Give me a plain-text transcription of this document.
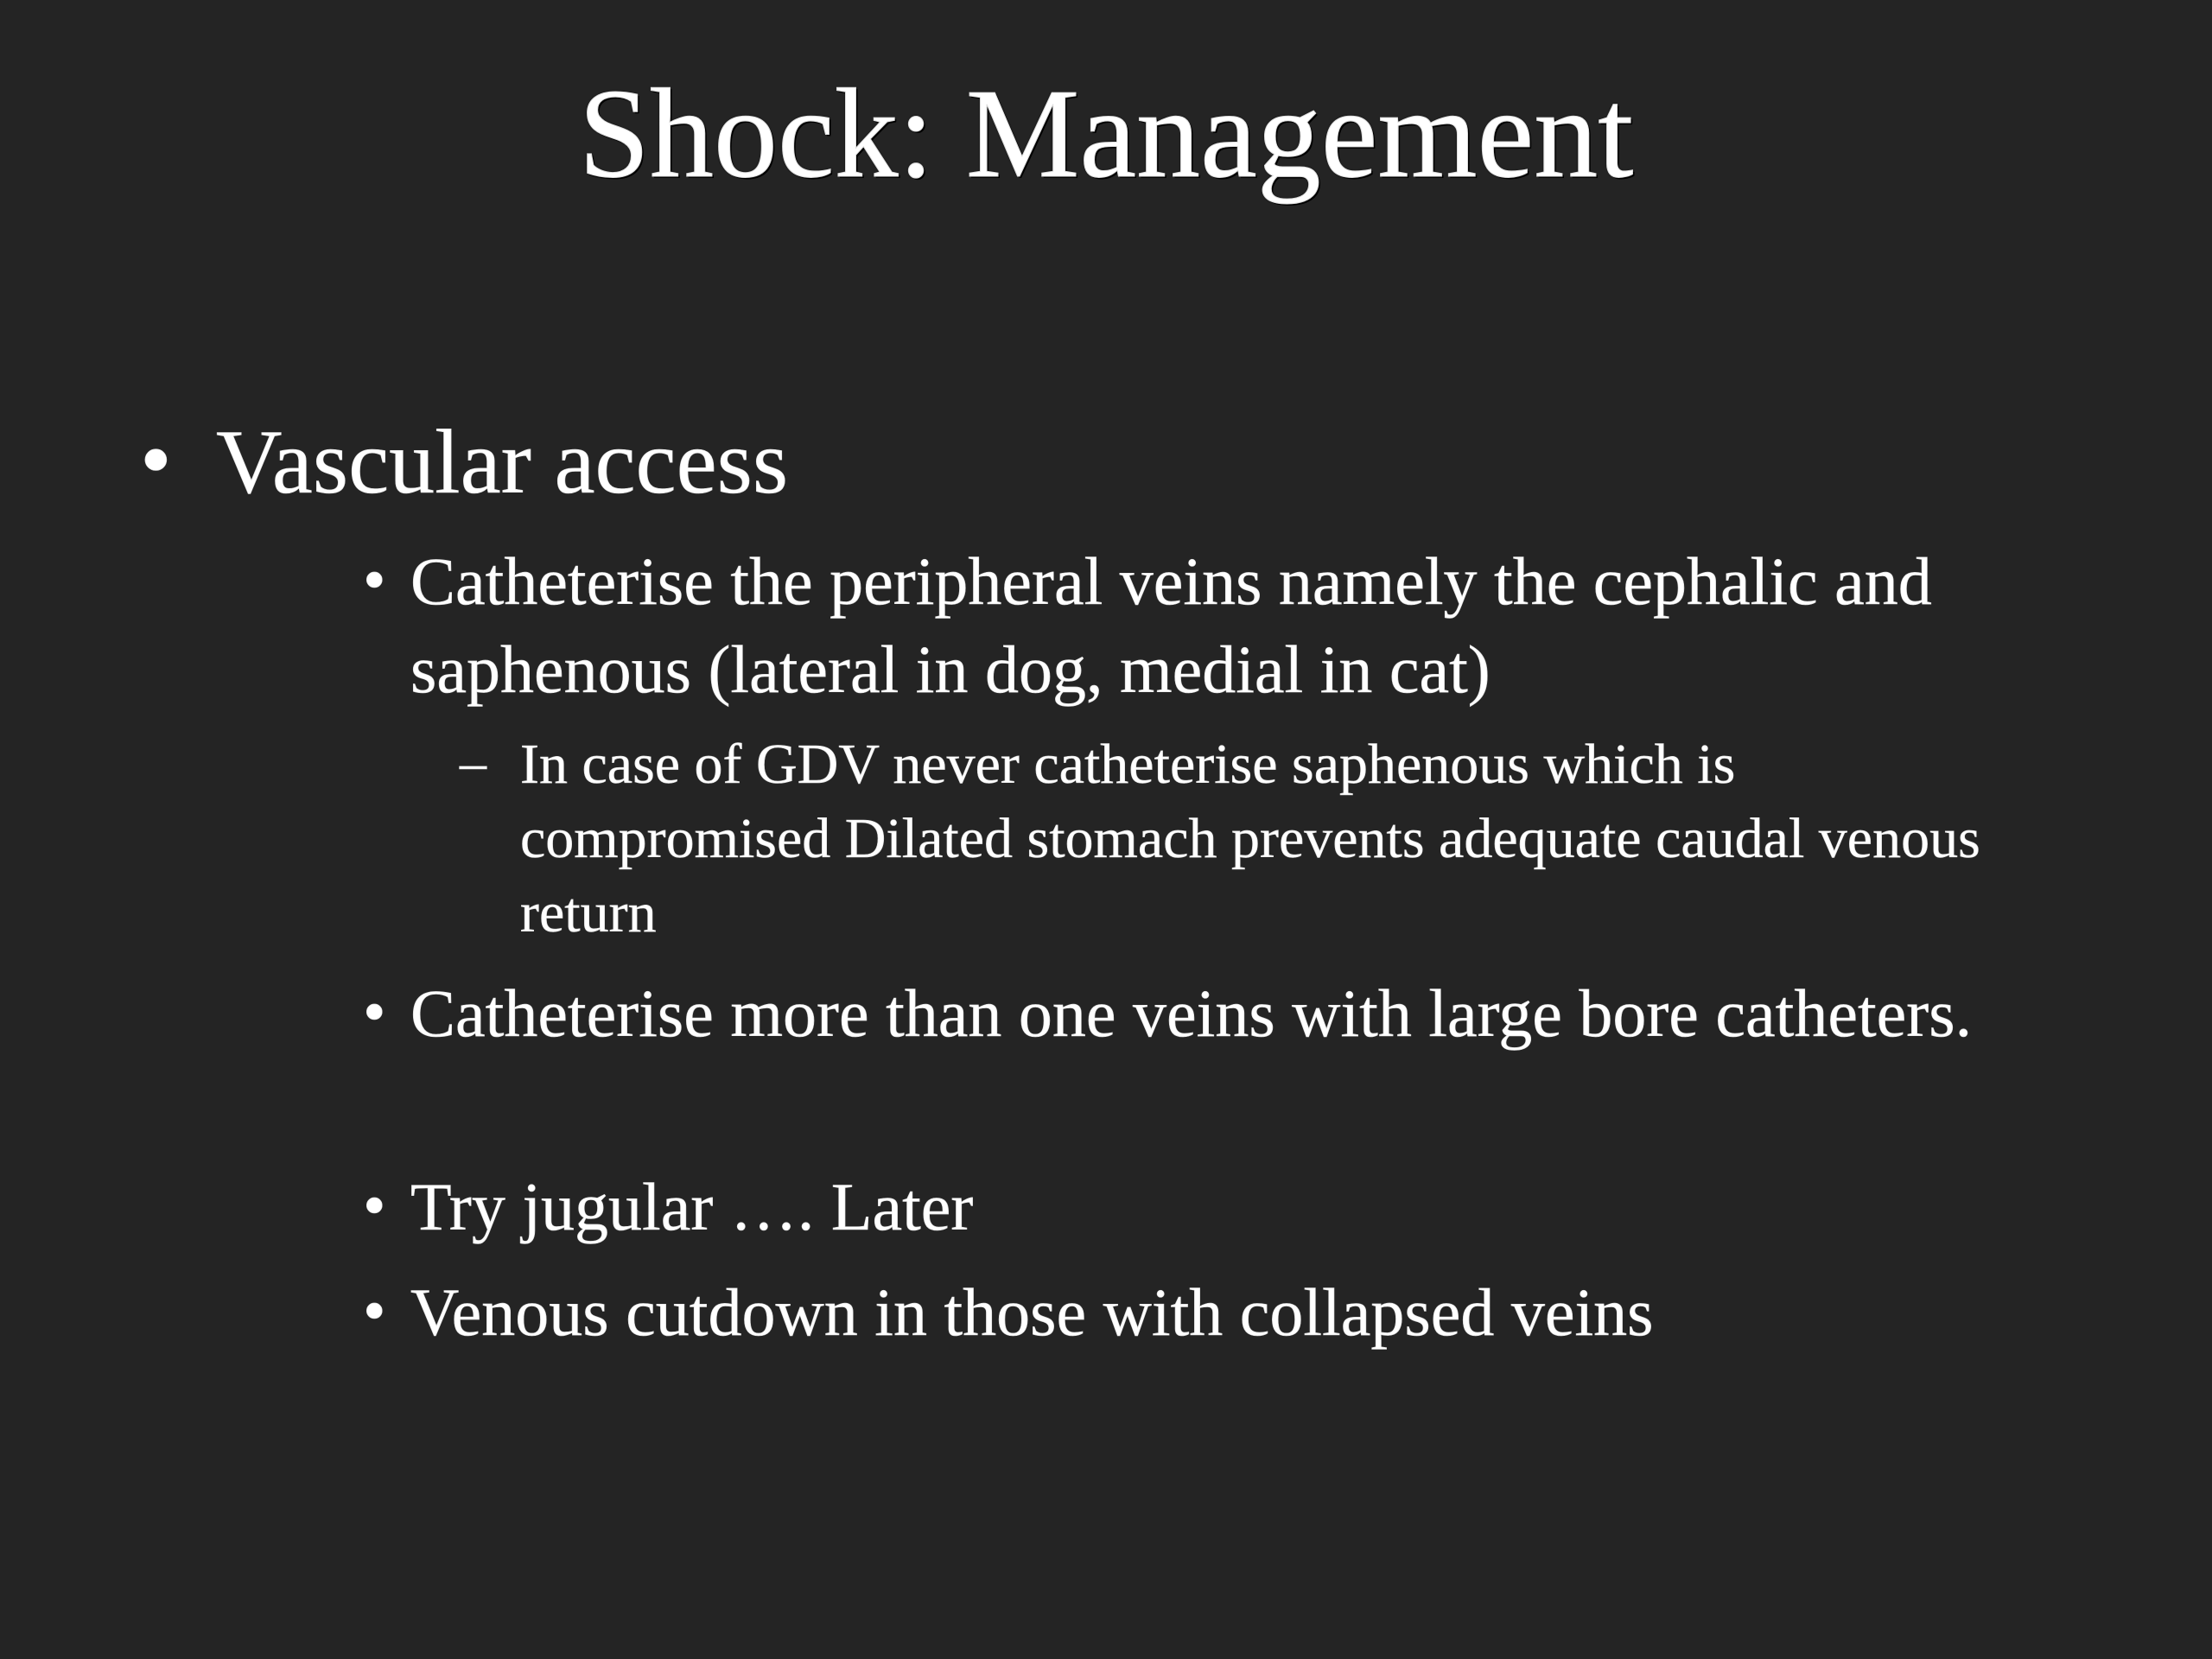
Shock: Management
• Vascular access
• Catheterise the peripheral veins namely the cephalic and saphenous (lateral in dog, medial in cat)
– In case of GDV never catheterise saphenous which is compromised Dilated stomach prevents adequate caudal venous return
• Catheterise more than one veins with large bore catheters.
• Try jugular …. Later
• Venous cutdown in those with collapsed veins
